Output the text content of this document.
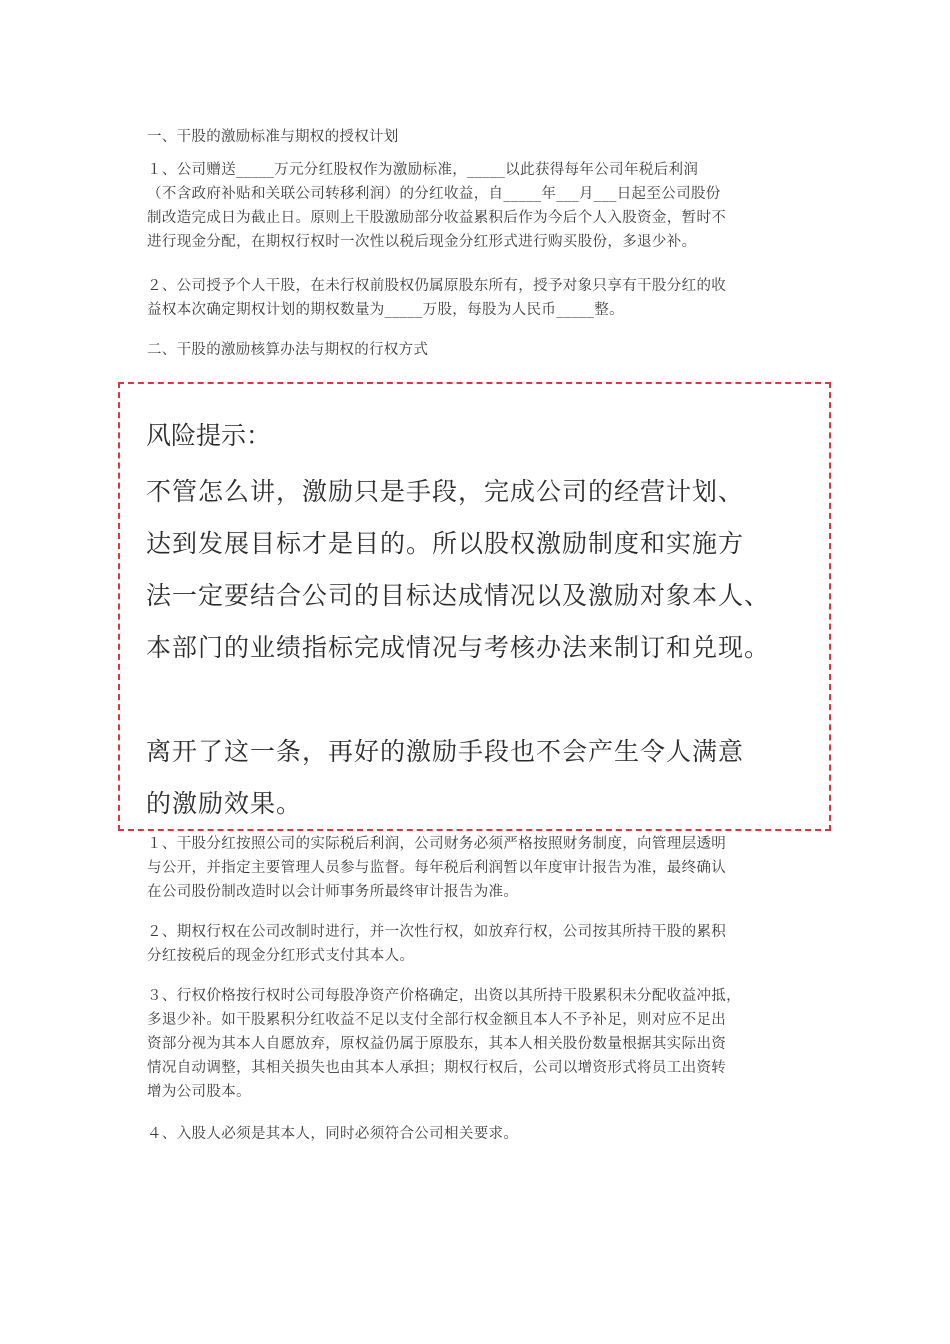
一、干股的激励标准与期权的授权计划
１、公司赠送_____万元分红股权作为激励标准，_____以此获得每年公司年税后利润
（不含政府补贴和关联公司转移利润）的分红收益，自_____年___月___日起至公司股份
制改造完成日为截止日。原则上干股激励部分收益累积后作为今后个人入股资金，暂时不
进行现金分配，在期权行权时一次性以税后现金分红形式进行购买股份，多退少补。
２、公司授予个人干股，在未行权前股权仍属原股东所有，授予对象只享有干股分红的收
益权本次确定期权计划的期权数量为_____万股，每股为人民币_____整。
二、干股的激励核算办法与期权的行权方式
风险提示：
不管怎么讲，激励只是手段，完成公司的经营计划、
达到发展目标才是目的。所以股权激励制度和实施方
法一定要结合公司的目标达成情况以及激励对象本人、
本部门的业绩指标完成情况与考核办法来制订和兑现。
离开了这一条，再好的激励手段也不会产生令人满意
的激励效果。
１、干股分红按照公司的实际税后利润，公司财务必须严格按照财务制度，向管理层透明
与公开，并指定主要管理人员参与监督。每年税后利润暂以年度审计报告为准，最终确认
在公司股份制改造时以会计师事务所最终审计报告为准。
２、期权行权在公司改制时进行，并一次性行权，如放弃行权，公司按其所持干股的累积
分红按税后的现金分红形式支付其本人。
３、行权价格按行权时公司每股净资产价格确定，出资以其所持干股累积未分配收益冲抵，
多退少补。如干股累积分红收益不足以支付全部行权金额且本人不予补足，则对应不足出
资部分视为其本人自愿放弃，原权益仍属于原股东，其本人相关股份数量根据其实际出资
情况自动调整，其相关损失也由其本人承担；期权行权后，公司以增资形式将员工出资转
增为公司股本。
４、入股人必须是其本人，同时必须符合公司相关要求。
